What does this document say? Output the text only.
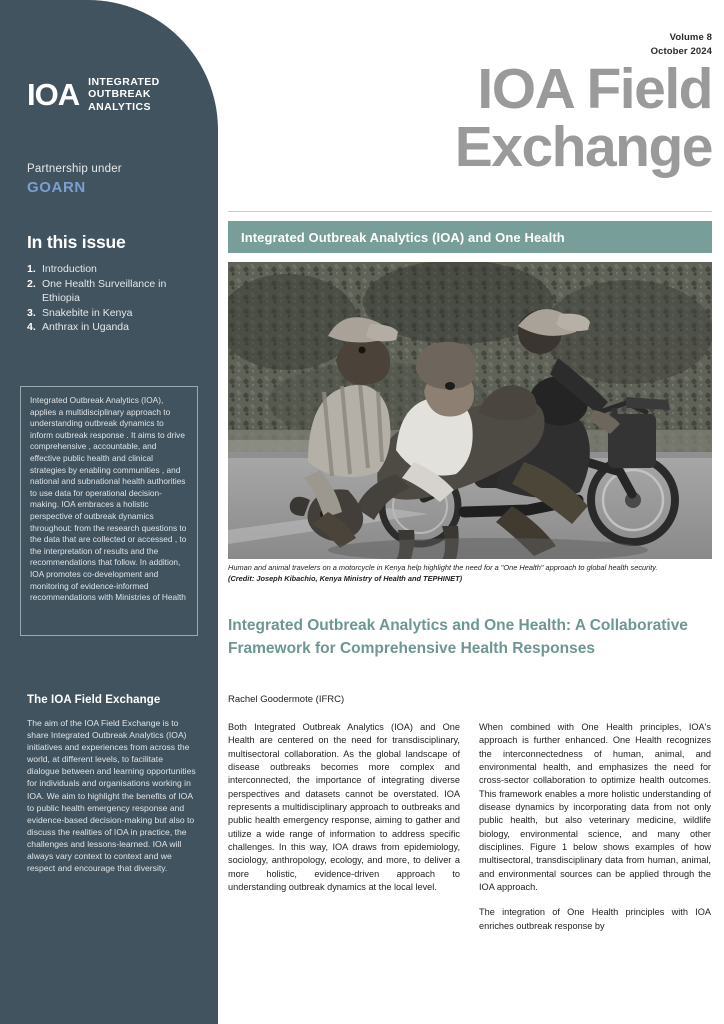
IOA INTEGRATED
OUTBREAK
ANALYTICS
Partnership under
GOARN
In this issue
1. Introduction
2. One Health Surveillance in Ethiopia
3. Snakebite in Kenya
4. Anthrax in Uganda

Integrated Outbreak Analytics (IOA), applies a multidisciplinary approach to understanding outbreak dynamics to inform outbreak response . It aims to drive comprehensive , accountable, and effective public health and clinical strategies by enabling communities , and national and subnational health authorities to use data for operational decision-making. IOA embraces a holistic perspective of outbreak dynamics throughout: from the research questions to the data that are collected or accessed , to the interpretation of results and the recommendations that follow. In addition, IOA promotes co-development and monitoring of evidence-informed recommendations with Ministries of Health

The IOA Field Exchange
The aim of the IOA Field Exchange is to share Integrated Outbreak Analytics (IOA) initiatives and experiences from across the world, at different levels, to facilitate dialogue between and learning opportunities for individuals and organisations working in IOA. We aim to highlight the benefits of IOA to public health emergency response and evidence-based decision-making but also to discuss the realities of IOA in practice, the challenges and lessons-learned. IOA will always vary context to context and we respect and encourage that diversity.
Volume 8
October 2024
IOA Field
Exchange
Integrated Outbreak Analytics (IOA) and One Health
Human and animal travelers on a motorcycle in Kenya help highlight the need for a "One Health" approach to global health security.
(Credit: Joseph Kibachio, Kenya Ministry of Health and TEPHINET)
Integrated Outbreak Analytics and One Health: A Collaborative Framework for Comprehensive Health Responses
Rachel Goodermote (IFRC)

Both Integrated Outbreak Analytics (IOA) and One Health are centered on the need for transdisciplinary, multisectoral collaboration. As the global landscape of disease outbreaks becomes more complex and interconnected, the importance of integrating diverse perspectives and datasets cannot be overstated. IOA represents a multidisciplinary approach to outbreaks and public health emergency response, aiming to gather and utilize a wide range of information to address specific challenges. In this way, IOA draws from epidemiology, sociology, anthropology, ecology, and more, to deliver a more holistic, evidence-driven approach to understanding outbreak dynamics at the local level.

When combined with One Health principles, IOA's approach is further enhanced. One Health recognizes the interconnectedness of human, animal, and environmental health, and emphasizes the need for cross-sector collaboration to optimize health outcomes. This framework enables a more holistic understanding of disease dynamics by incorporating data from not only public health, but also veterinary medicine, wildlife biology, environmental science, and many other disciplines. Figure 1 below shows examples of how multisectoral, transdisciplinary data from human, animal, and environmental sources can be applied through the IOA approach.

The integration of One Health principles with IOA enriches outbreak response by
